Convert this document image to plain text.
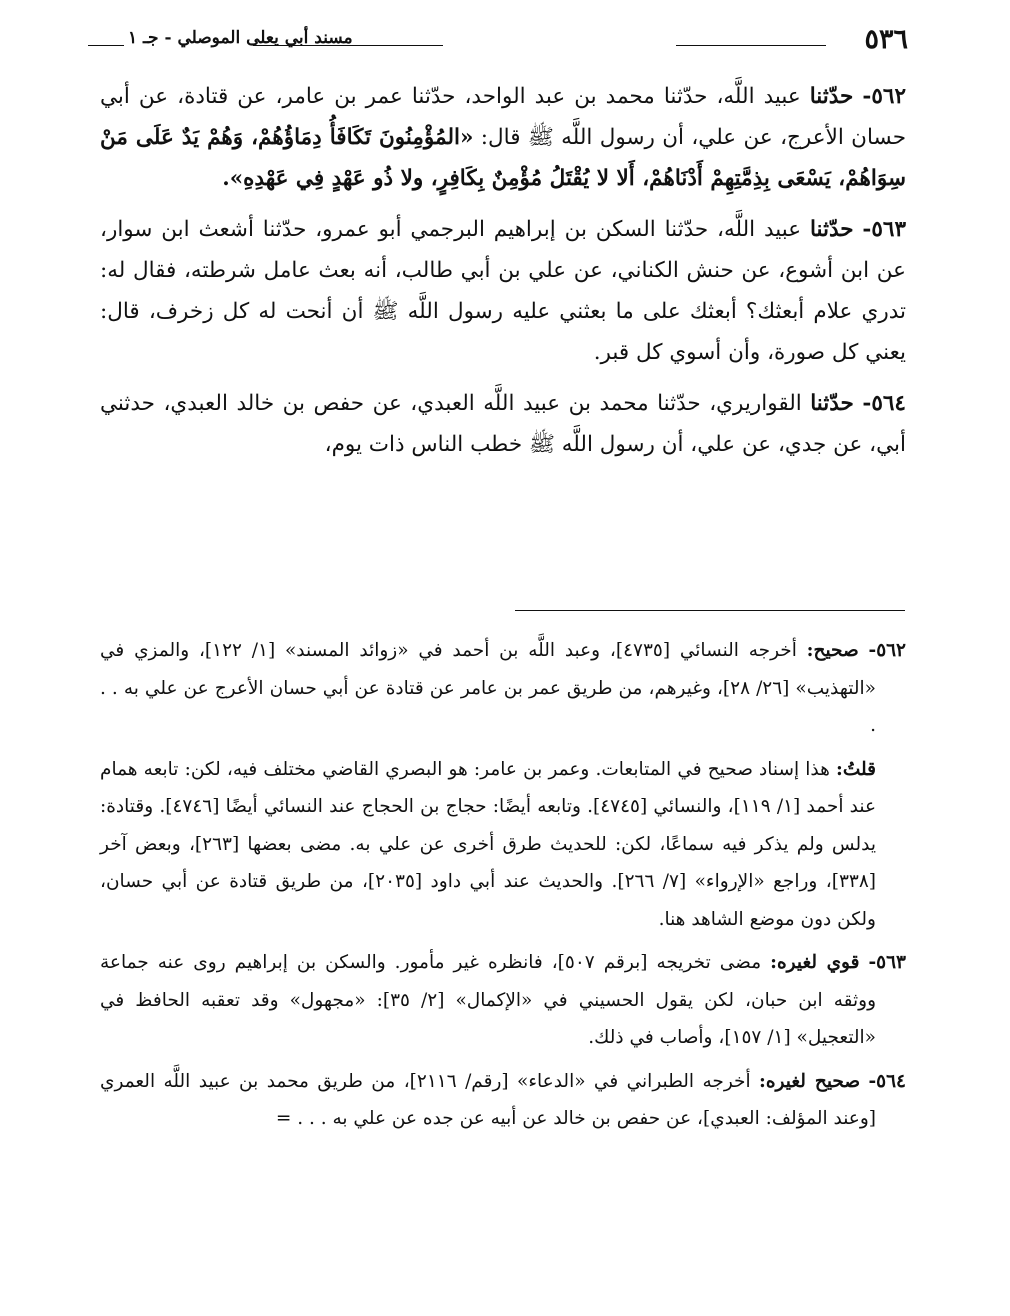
٥٣٦
مسند أبي يعلى الموصلي - جـ ١

٥٦٢- حدّثنا عبيد اللَّه، حدّثنا محمد بن عبد الواحد، حدّثنا عمر بن عامر، عن قتادة، عن أبي حسان الأعرج، عن علي، أن رسول اللَّه ﷺ قال: «المُؤْمِنُونَ تَكَافَأُ دِمَاؤُهُمْ، وَهُمْ يَدٌ عَلَى مَنْ سِوَاهُمْ، يَسْعَى بِذِمَّتِهِمْ أَدْنَاهُمْ، أَلا لا يُقْتَلُ مُؤْمِنٌ بِكَافِرٍ، ولا ذُو عَهْدٍ فِي عَهْدِهِ».

٥٦٣- حدّثنا عبيد اللَّه، حدّثنا السكن بن إبراهيم البرجمي أبو عمرو، حدّثنا أشعث ابن سوار، عن ابن أشوع، عن حنش الكناني، عن علي بن أبي طالب، أنه بعث عامل شرطته، فقال له: تدري علام أبعثك؟ أبعثك على ما بعثني عليه رسول اللَّه ﷺ أن أنحت له كل زخرف، قال: يعني كل صورة، وأن أسوي كل قبر.

٥٦٤- حدّثنا القواريري، حدّثنا محمد بن عبيد اللَّه العبدي، عن حفص بن خالد العبدي، حدثني أبي، عن جدي، عن علي، أن رسول اللَّه ﷺ خطب الناس ذات يوم،

٥٦٢- صحيح: أخرجه النسائي [٤٧٣٥]، وعبد اللَّه بن أحمد في «زوائد المسند» [١/ ١٢٢]، والمزي في «التهذيب» [٢٦/ ٢٨]، وغيرهم، من طريق عمر بن عامر عن قتادة عن أبي حسان الأعرج عن علي به . . .

قلتُ: هذا إسناد صحيح في المتابعات. وعمر بن عامر: هو البصري القاضي مختلف فيه، لكن: تابعه همام عند أحمد [١/ ١١٩]، والنسائي [٤٧٤٥]. وتابعه أيضًا: حجاج بن الحجاج عند النسائي أيضًا [٤٧٤٦]. وقتادة: يدلس ولم يذكر فيه سماعًا، لكن: للحديث طرق أخرى عن علي به. مضى بعضها [٢٦٣]، وبعض آخر [٣٣٨]، وراجع «الإرواء» [٧/ ٢٦٦]. والحديث عند أبي داود [٢٠٣٥]، من طريق قتادة عن أبي حسان، ولكن دون موضع الشاهد هنا.

٥٦٣- قوي لغيره: مضى تخريجه [برقم ٥٠٧]، فانظره غير مأمور. والسكن بن إبراهيم روى عنه جماعة ووثقه ابن حبان، لكن يقول الحسيني في «الإكمال» [٢/ ٣٥]: «مجهول» وقد تعقبه الحافظ في «التعجيل» [١/ ١٥٧]، وأصاب في ذلك.

٥٦٤- صحيح لغيره: أخرجه الطبراني في «الدعاء» [رقم/ ٢١١٦]، من طريق محمد بن عبيد اللَّه العمري [وعند المؤلف: العبدي]، عن حفص بن خالد عن أبيه عن جده عن علي به . . . =
